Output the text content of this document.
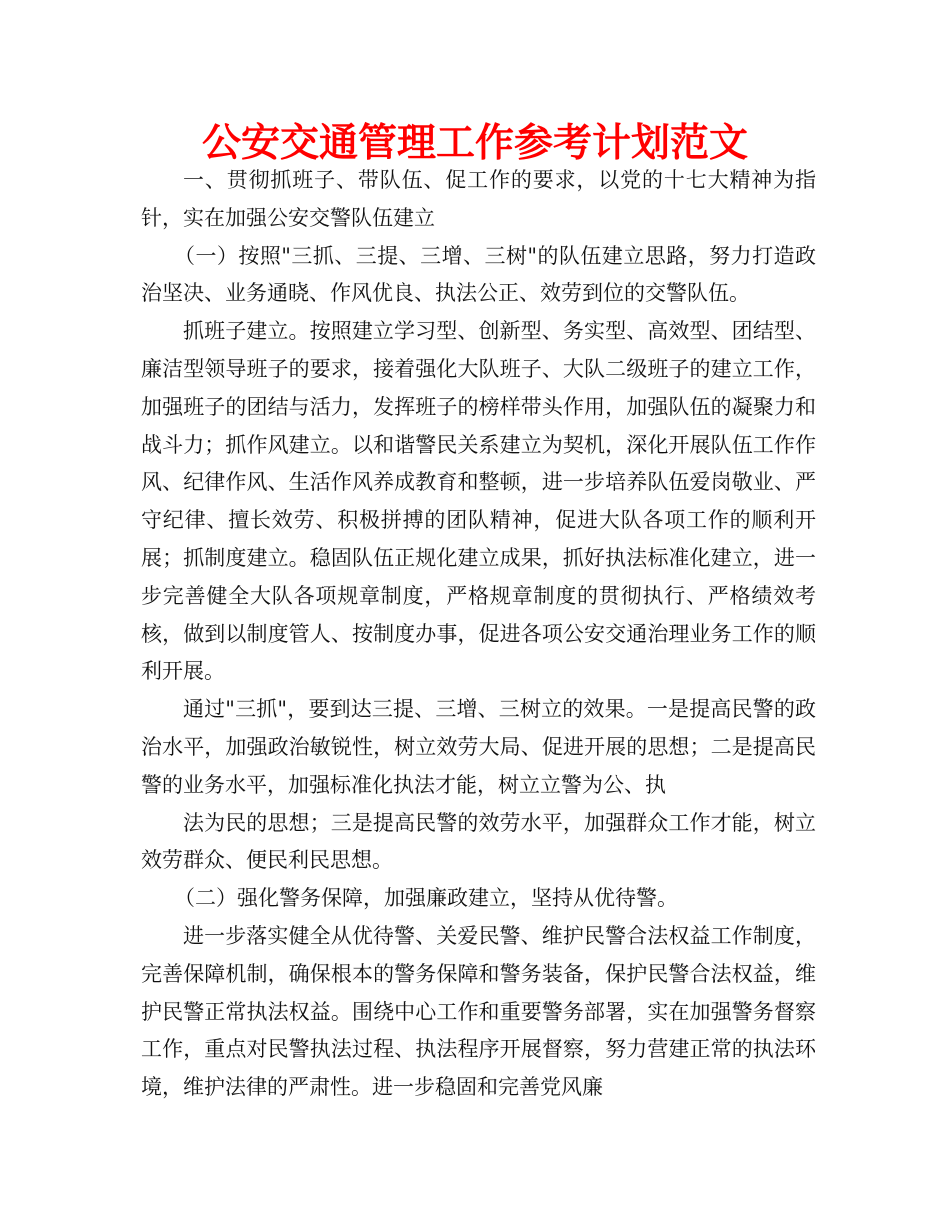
公安交通管理工作参考计划范文

一、贯彻抓班子、带队伍、促工作的要求，以党的十七大精神为指针，实在加强公安交警队伍建立

（一）按照"三抓、三提、三增、三树"的队伍建立思路，努力打造政治坚决、业务通晓、作风优良、执法公正、效劳到位的交警队伍。

抓班子建立。按照建立学习型、创新型、务实型、高效型、团结型、廉洁型领导班子的要求，接着强化大队班子、大队二级班子的建立工作，加强班子的团结与活力，发挥班子的榜样带头作用，加强队伍的凝聚力和战斗力；抓作风建立。以和谐警民关系建立为契机，深化开展队伍工作作风、纪律作风、生活作风养成教育和整顿，进一步培养队伍爱岗敬业、严守纪律、擅长效劳、积极拼搏的团队精神，促进大队各项工作的顺利开展；抓制度建立。稳固队伍正规化建立成果，抓好执法标准化建立，进一步完善健全大队各项规章制度，严格规章制度的贯彻执行、严格绩效考核，做到以制度管人、按制度办事，促进各项公安交通治理业务工作的顺利开展。

通过"三抓"，要到达三提、三增、三树立的效果。一是提高民警的政治水平，加强政治敏锐性，树立效劳大局、促进开展的思想；二是提高民警的业务水平，加强标准化执法才能，树立立警为公、执

法为民的思想；三是提高民警的效劳水平，加强群众工作才能，树立效劳群众、便民利民思想。

（二）强化警务保障，加强廉政建立，坚持从优待警。

进一步落实健全从优待警、关爱民警、维护民警合法权益工作制度，完善保障机制，确保根本的警务保障和警务装备，保护民警合法权益，维护民警正常执法权益。围绕中心工作和重要警务部署，实在加强警务督察工作，重点对民警执法过程、执法程序开展督察，努力营建正常的执法环境，维护法律的严肃性。进一步稳固和完善党风廉
